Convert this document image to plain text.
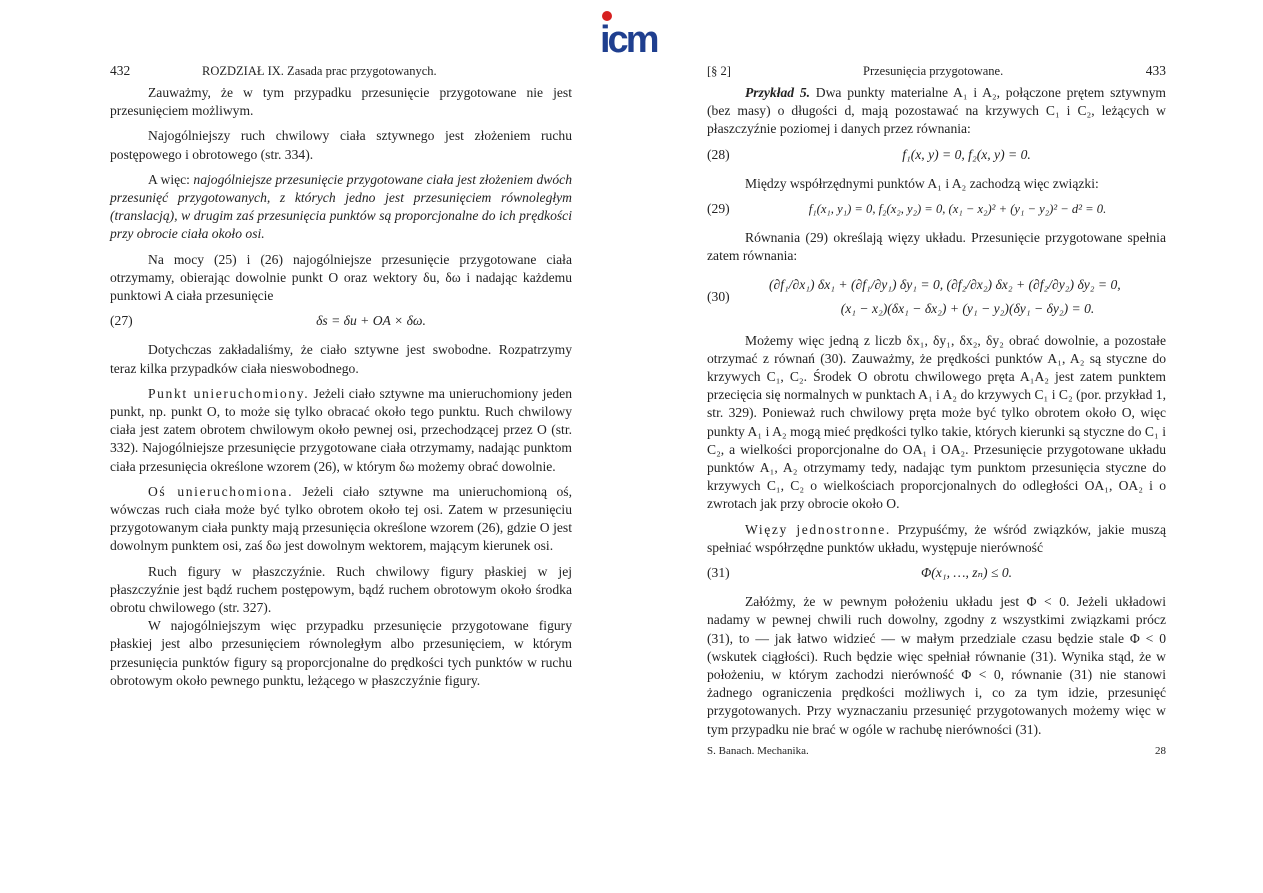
icm
432	ROZDZIAŁ IX. Zasada prac przygotowanych.

Zauważmy, że w tym przypadku przesunięcie przygotowane nie jest przesunięciem możliwym.

Najogólniejszy ruch chwilowy ciała sztywnego jest złożeniem ruchu postępowego i obrotowego (str. 334).

A więc: najogólniejsze przesunięcie przygotowane ciała jest złożeniem dwóch przesunięć przygotowanych, z których jedno jest przesunięciem równoległym (translacją), w drugim zaś przesunięcia punktów są proporcjonalne do ich prędkości przy obrocie ciała około osi.

Na mocy (25) i (26) najogólniejsze przesunięcie przygotowane ciała otrzymamy, obierając dowolnie punkt O oraz wektory δu, δω i nadając każdemu punktowi A ciała przesunięcie

(27)	δs = δu + OA × δω.

Dotychczas zakładaliśmy, że ciało sztywne jest swobodne. Rozpatrzymy teraz kilka przypadków ciała nieswobodnego.

Punkt unieruchomiony. Jeżeli ciało sztywne ma unieruchomiony jeden punkt, np. punkt O, to może się tylko obracać około tego punktu. Ruch chwilowy ciała jest zatem obrotem chwilowym około pewnej osi, przechodzącej przez O (str. 332). Najogólniejsze przesunięcie przygotowane ciała otrzymamy, nadając punktom ciała przesunięcia określone wzorem (26), w którym δω możemy obrać dowolnie.

Oś unieruchomiona. Jeżeli ciało sztywne ma unieruchomioną oś, wówczas ruch ciała może być tylko obrotem około tej osi. Zatem w przesunięciu przygotowanym ciała punkty mają przesunięcia określone wzorem (26), gdzie O jest dowolnym punktem osi, zaś δω jest dowolnym wektorem, mającym kierunek osi.

Ruch figury w płaszczyźnie. Ruch chwilowy figury płaskiej w jej płaszczyźnie jest bądź ruchem postępowym, bądź ruchem obrotowym około środka obrotu chwilowego (str. 327).

W najogólniejszym więc przypadku przesunięcie przygotowane figury płaskiej jest albo przesunięciem równoległym albo przesunięciem, w którym przesunięcia punktów figury są proporcjonalne do prędkości tych punktów w ruchu obrotowym około pewnego punktu, leżącego w płaszczyźnie figury.

[§ 2]	Przesunięcia przygotowane.	433

Przykład 5. Dwa punkty materialne A₁ i A₂, połączone prętem sztywnym (bez masy) o długości d, mają pozostawać na krzywych C₁ i C₂, leżących w płaszczyźnie poziomej i danych przez równania:

(28)	f₁(x, y) = 0, f₂(x, y) = 0.

Między współrzędnymi punktów A₁ i A₂ zachodzą więc związki:

(29)	f₁(x₁, y₁) = 0, f₂(x₂, y₂) = 0, (x₁ − x₂)² + (y₁ − y₂)² − d² = 0.

Równania (29) określają więzy układu. Przesunięcie przygotowane spełnia zatem równania:

(30)
(∂f₁/∂x₁) δx₁ + (∂f₁/∂y₁) δy₁ = 0, (∂f₂/∂x₂) δx₂ + (∂f₂/∂y₂) δy₂ = 0,
(x₁ − x₂)(δx₁ − δx₂) + (y₁ − y₂)(δy₁ − δy₂) = 0.

Możemy więc jedną z liczb δx₁, δy₁, δx₂, δy₂ obrać dowolnie, a pozostałe otrzymać z równań (30). Zauważmy, że prędkości punktów A₁, A₂ są styczne do krzywych C₁, C₂. Środek O obrotu chwilowego pręta A₁A₂ jest zatem punktem przecięcia się normalnych w punktach A₁ i A₂ do krzywych C₁ i C₂ (por. przykład 1, str. 329). Ponieważ ruch chwilowy pręta może być tylko obrotem około O, więc punkty A₁ i A₂ mogą mieć prędkości tylko takie, których kierunki są styczne do C₁ i C₂, a wielkości proporcjonalne do OA₁ i OA₂. Przesunięcie przygotowane układu punktów A₁, A₂ otrzymamy tedy, nadając tym punktom przesunięcia styczne do krzywych C₁, C₂ o wielkościach proporcjonalnych do odległości OA₁, OA₂ i o zwrotach jak przy obrocie około O.

Więzy jednostronne. Przypuśćmy, że wśród związków, jakie muszą spełniać współrzędne punktów układu, występuje nierówność

(31)	Φ(x₁, …, zₙ) ≤ 0.

Załóżmy, że w pewnym położeniu układu jest Φ < 0. Jeżeli układowi nadamy w pewnej chwili ruch dowolny, zgodny z wszystkimi związkami prócz (31), to — jak łatwo widzieć — w małym przedziale czasu będzie stale Φ < 0 (wskutek ciągłości). Ruch będzie więc spełniał równanie (31). Wynika stąd, że w położeniu, w którym zachodzi nierówność Φ < 0, równanie (31) nie stanowi żadnego ograniczenia prędkości możliwych i, co za tym idzie, przesunięć przygotowanych. Przy wyznaczaniu przesunięć przygotowanych możemy więc w tym przypadku nie brać w ogóle w rachubę nierówności (31).

S. Banach. Mechanika.	28
